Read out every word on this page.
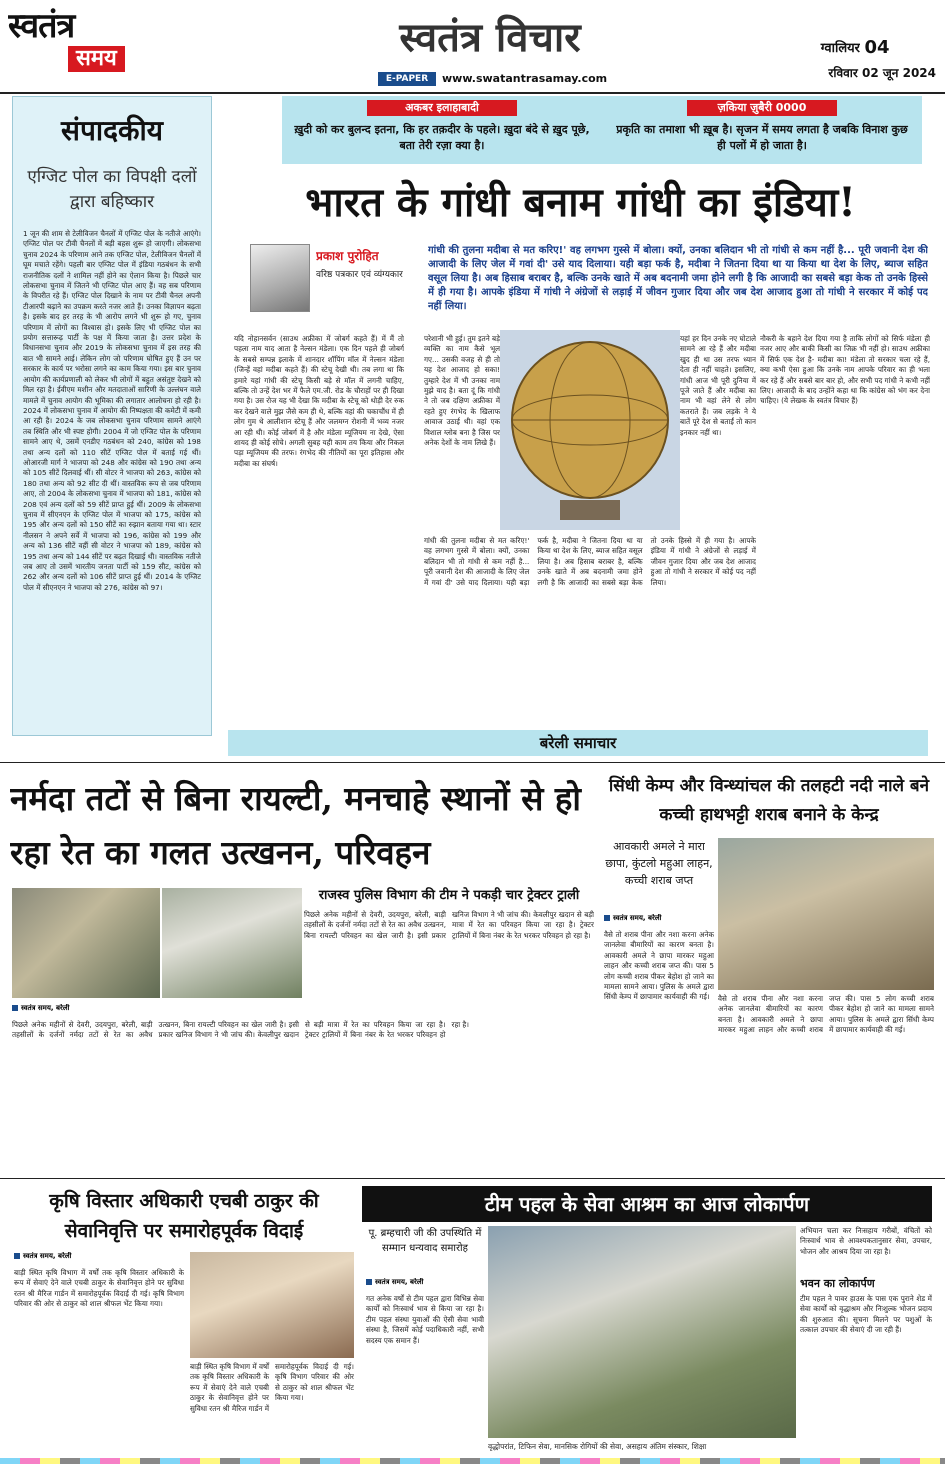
स्वतंत्र
समय	स्वतंत्र विचार
E-PAPER	www.swatantrasamay.com
ग्वालियर 04
रविवार 02 जून 2024
संपादकीय
एग्जिट पोल का विपक्षी दलों द्वारा बहिष्कार
1 जून की शाम से टेलीविजन चैनलों में एग्जिट पोल के नतीजे आएंगे। एग्जिट पोल पर टीवी चैनलों में बड़ी बहस शुरू हो जाएगी। लोकसभा चुनाव 2024 के परिणाम आने तक एग्जिट पोल, टेलीविजन चैनलों में घूम मचाते रहेंगे। पहली बार एग्जिट पोल में इंडिया गठबंधन के सभी राजनीतिक दलों ने शामिल नहीं होने का ऐलान किया है। पिछले चार लोकसभा चुनाव में जितने भी एग्जिट पोल आए हैं। वह सब परिणाम के विपरीत रहे हैं। एग्जिट पोल दिखाने के नाम पर टीवी चैनल अपनी टीआरपी बढ़ाने का उपक्रम करते नजर आते हैं। उनका विज्ञापन बढ़ता है। इसके बाद हर तरह के भी आरोप लगने भी शुरू हो गए, चुनाव परिणाम में लोगों का विश्वास हो। इसके लिए भी एग्जिट पोल का प्रयोग सत्तारूढ़ पार्टी के पक्ष में किया जाता है। उत्तर प्रदेश के विधानसभा चुनाव और 2019 के लोकसभा चुनाव में इस तरह की बात भी सामने आई। लेकिन लोग जो परिणाम घोषित हुए हैं उन पर सरकार के कार्य पर भरोसा लगने का काम किया गया। इस बार चुनाव आयोग की कार्यप्रणाली को लेकर भी लोगों में बहुत असंतुष्ट देखने को मिल रहा है। ईवीएम मशीन और मतदाताओं सारिणी के उल्लंघन वाले मामले में चुनाव आयोग की भूमिका की लगातार आलोचना हो रही है। 2024 में लोकसभा चुनाव में आयोग की निष्पक्षता की कमेटी में कमी आ रही है। 2024 के जब लोकसभा चुनाव परिणाम सामने आएंगे तब स्थिति और भी स्पष्ट होगी। 2004 में जो एग्जिट पोल के परिणाम सामने आए थे, उसमें एनडीए गठबंधन को 240, कांग्रेस को 198 तथा अन्य दलों को 110 सीटें एग्जिट पोल में बताई गई थीं। ओआरजी मार्ग ने भाजपा को 248 और कांग्रेस को 190 तथा अन्य को 105 सीटें दिलवाई थीं। सी वोटर ने भाजपा को 263, कांग्रेस को 180 तथा अन्य को 92 सीट दी थीं। वास्तविक रूप से जब परिणाम आए, तो 2004 के लोकसभा चुनाव में भाजपा को 181, कांग्रेस को 208 एवं अन्य दलों को 59 सीटें प्राप्त हुई थीं। 2009 के लोकसभा चुनाव में सीएनएन के एग्जिट पोल में भाजपा को 175, कांग्रेस को 195 और अन्य दलों को 150 सीटें का रुझान बताया गया था। स्टार नीलसन ने अपने सर्वे में भाजपा को 196, कांग्रेस को 199 और अन्य को 136 सीटें वहीं सी वोटर ने भाजपा को 189, कांग्रेस को 195 तथा अन्य को 144 सीटें पर बढ़त दिखाई थी। वास्तविक नतीजे जब आए तो उसमें भारतीय जनता पार्टी को 159 सीट, कांग्रेस को 262 और अन्य दलों को 106 सीटें प्राप्त हुई थीं। 2014 के एग्जिट पोल में सीएनएन ने भाजपा को 276, कांग्रेस को 97।
अकबर इलाहाबादी
ख़ुदी को कर बुलन्द इतना, कि हर तक़दीर के पहले। ख़ुदा बंदे से ख़ुद पूछे, बता तेरी रज़ा क्या है।
ज़किया ज़ुबैरी 0000
प्रकृति का तमाशा भी ख़ूब है। सृजन में समय लगता है जबकि विनाश कुछ ही पलों में हो जाता है।
भारत के गांधी बनाम गांधी का इंडिया!
प्रकाश पुरोहित
वरिष्ठ पत्रकार एवं व्यंग्यकार
गांधी की तुलना मदीबा से मत करिए!' वह लगभग गुस्से में बोला। क्यों, उनका बलिदान भी तो गांधी से कम नहीं है... पूरी जवानी देश की आजादी के लिए जेल में गवां दी' उसे याद दिलाया। यही बड़ा फर्क है, मदीबा ने जितना दिया था या किया था देश के लिए, ब्याज सहित वसूल लिया है। अब हिसाब बराबर है, बल्कि उनके खाते में अब बदनामी जमा होने लगी है कि आजादी का सबसे बड़ा केक तो उनके हिस्से में ही गया है। आपके इंडिया में गांधी ने अंग्रेजों से लड़ाई में जीवन गुजार दिया और जब देश आजाद हुआ तो गांधी ने सरकार में कोई पद नहीं लिया।
यदि नोहानसर्वन (साउथ अफ्रीका में जोबर्ग कहते हैं) में मैं तो पहला नाम याद आता है नेल्सन मंडेला। एक दिन पहले ही जोबर्ग के सबसे सम्पन्न इलाके में शानदार शॉपिंग मॉल में नेल्सन मंडेला (जिन्हें वहां मदीबा कहते हैं) की स्टेचू देखी थी। तब लगा था कि हमारे यहां गांधी की स्टेचू किसी बड़े से मॉल में लगनी चाहिए, बल्कि तो उन्हें देश भर में फैले एम.जी. रोड के चौराहों पर ही दिखा गया है। उस रोज यह भी देखा कि मदीबा के स्टेचू को थोड़ी देर रुक कर देखने वाले मुझ जैसे कम ही थे, बल्कि वहां की चकाचौंध में ही लोग गुम थे आलीशान स्टेचू हैं और जलमग्न रोशनी में भव्य नजर आ रही थी। कोई जोबर्ग में है और मंडेला म्यूजियम ना देखे, ऐसा शायद ही कोई सोचे। अगली सुबह यही काम तय किया और निकल पड़ा म्यूजियम की तरफ। रंगभेद की नीतियों का पूरा इतिहास और मदीबा का संघर्ष।
परेशानी भी हुई। तुम इतने बड़े व्यक्ति का नाम कैसे भूल गए... उसकी वजह से ही तो यह देश आजाद हो सका! तुम्हारे देश में भी उनका नाम मुझे याद है। बता दूं कि गांधी ने तो जब दक्षिण अफ्रीका में रहते हुए रंगभेद के खिलाफ आवाज उठाई थी। वहां एक विशाल ग्लोब बना है जिस पर अनेक देशों के नाम लिखे हैं।
यहां हर दिन उनके नए घोटाले सामने आ रहे हैं और मदीबा खुद ही था उस तरफ ध्यान देता ही नहीं चाहते। इसलिए, गांधी आज भी पूरी दुनिया में पूजे जाते हैं और मदीबा का नाम भी वहां लेने से लोग कतराते हैं। जब लड़के ने ये बातें पूरे देश से बताईं तो कान इनकार नहीं था।
नौकरी के बहाने देश दिया गया है ताकि लोगों को सिर्फ मंडेला ही नजर आए और बाकी किसी का जिक्र भी नहीं हो। साउथ अफ्रीका में सिर्फ एक देश है- मदीबा का! मंडेला तो सरकार चला रहे हैं, क्या कभी ऐसा हुआ कि उनके नाम आपके परिवार का ही भला कर रहे हैं और सबसे बार बार हो, और सभी पद गांधी ने कभी नहीं लिए। आजादी के बाद उन्होंने कहा था कि कांग्रेस को भंग कर देना चाहिए। (ये लेखक के स्वतंत्र विचार हैं)
गांधी की तुलना मदीबा से मत करिए!' वह लगभग गुस्से में बोला। क्यों, उनका बलिदान भी तो गांधी से कम नहीं है... पूरी जवानी देश की आजादी के लिए जेल में गवां दी' उसे याद दिलाया। यही बड़ा फर्क है, मदीबा ने जितना दिया था या किया था देश के लिए, ब्याज सहित वसूल लिया है। अब हिसाब बराबर है, बल्कि उनके खाते में अब बदनामी जमा होने लगी है कि आजादी का सबसे बड़ा केक तो उनके हिस्से में ही गया है। आपके इंडिया में गांधी ने अंग्रेजों से लड़ाई में जीवन गुजार दिया और जब देश आजाद हुआ तो गांधी ने सरकार में कोई पद नहीं लिया।
बरेली समाचार
नर्मदा तटों से बिना रायल्टी, मनचाहे स्थानों से हो रहा रेत का गलत उत्खनन, परिवहन
राजस्व पुलिस विभाग की टीम ने पकड़ी चार ट्रेक्टर ट्राली
स्वतंत्र समय, बरेली
पिछले अनेक महीनों से देवरी, उदयपुरा, बरेली, बाड़ी तहसीलों के दर्जनों नर्मदा तटों से रेत का अवैध उत्खनन, बिना रायल्टी परिवहन का खेल जारी है। इसी प्रकार खनिज विभाग ने भी जांच की। केवलीपुर खदान से बड़ी मात्रा में रेत का परिवहन किया जा रहा है। ट्रेक्टर ट्रालियों में बिना नंबर के रेत भरकर परिवहन हो रहा है।
पिछले अनेक महीनों से देवरी, उदयपुरा, बरेली, बाड़ी तहसीलों के दर्जनों नर्मदा तटों से रेत का अवैध उत्खनन, बिना रायल्टी परिवहन का खेल जारी है। इसी प्रकार खनिज विभाग ने भी जांच की। केवलीपुर खदान से बड़ी मात्रा में रेत का परिवहन किया जा रहा है। ट्रेक्टर ट्रालियों में बिना नंबर के रेत भरकर परिवहन हो रहा है।
सिंधी केम्प और विन्ध्यांचल की तलहटी नदी नाले बने कच्ची हाथभट्टी शराब बनाने के केन्द्र
आवकारी अमले ने मारा छापा, कुंटलो महुआ लाहन, कच्ची शराब जप्त
स्वतंत्र समय, बरेली
वैसे तो शराब पीना और नशा करना अनेक जानलेवा बीमारियों का कारण बनता है। आवकारी अमले ने छापा मारकर महुआ लाहन और कच्ची शराब जप्त की। पास 5 लोग कच्ची शराब पीकर बेहोश हो जाने का मामला सामने आया। पुलिस के अमले द्वारा सिंधी केम्प में छापामार कार्यवाही की गई।	वैसे तो शराब पीना और नशा करना अनेक जानलेवा बीमारियों का कारण बनता है। आवकारी अमले ने छापा मारकर महुआ लाहन और कच्ची शराब जप्त की। पास 5 लोग कच्ची शराब पीकर बेहोश हो जाने का मामला सामने आया। पुलिस के अमले द्वारा सिंधी केम्प में छापामार कार्यवाही की गई।
कृषि विस्तार अधिकारी एचबी ठाकुर की सेवानिवृत्ति पर समारोहपूर्वक विदाई
स्वतंत्र समय, बरेली
बाड़ी स्थित कृषि विभाग में वर्षों तक कृषि विस्तार अधिकारी के रूप में सेवाएं देने वाले एचबी ठाकुर के सेवानिवृत्त होने पर सुविधा रतन श्री मैरिज गार्डन में समारोहपूर्वक विदाई दी गई। कृषि विभाग परिवार की ओर से ठाकुर को शाल श्रीफल भेंट किया गया।
बाड़ी स्थित कृषि विभाग में वर्षों तक कृषि विस्तार अधिकारी के रूप में सेवाएं देने वाले एचबी ठाकुर के सेवानिवृत्त होने पर सुविधा रतन श्री मैरिज गार्डन में समारोहपूर्वक विदाई दी गई। कृषि विभाग परिवार की ओर से ठाकुर को शाल श्रीफल भेंट किया गया।
टीम पहल के सेवा आश्रम का आज लोकार्पण
पू. ब्रम्हचारी जी की उपस्थिति में सम्मान धन्यवाद समारोह
स्वतंत्र समय, बरेली
गत अनेक वर्षों से टीम पहल द्वारा विभिन्न सेवा कार्यों को निःस्वार्थ भाव से किया जा रहा है। टीम पहल संस्था युवाओं की ऐसी सेवा भावी संस्था है, जिसमें कोई पदाधिकारी नहीं, सभी सदस्य एक समान हैं।
वृद्धोपरांत, टिफिन सेवा, मानसिक रोगियों की सेवा, असहाय अंतिम संस्कार, शिक्षा
अभियान चला कर निःसहाय गरीबों, वंचितों को निःस्वार्थ भाव से आवश्यकतानुसार सेवा, उपचार, भोजन और आश्रय दिया जा रहा है।
भवन का लोकार्पण
टीम पहल ने पावर हाउस के पास एक पुराने शेड में सेवा कार्यों को वृद्धाश्रम और निःशुल्क भोजन प्रदाय की शुरुआत की। सूचना मिलने पर पशुओं के तत्काल उपचार की सेवाएं दी जा रही हैं।
